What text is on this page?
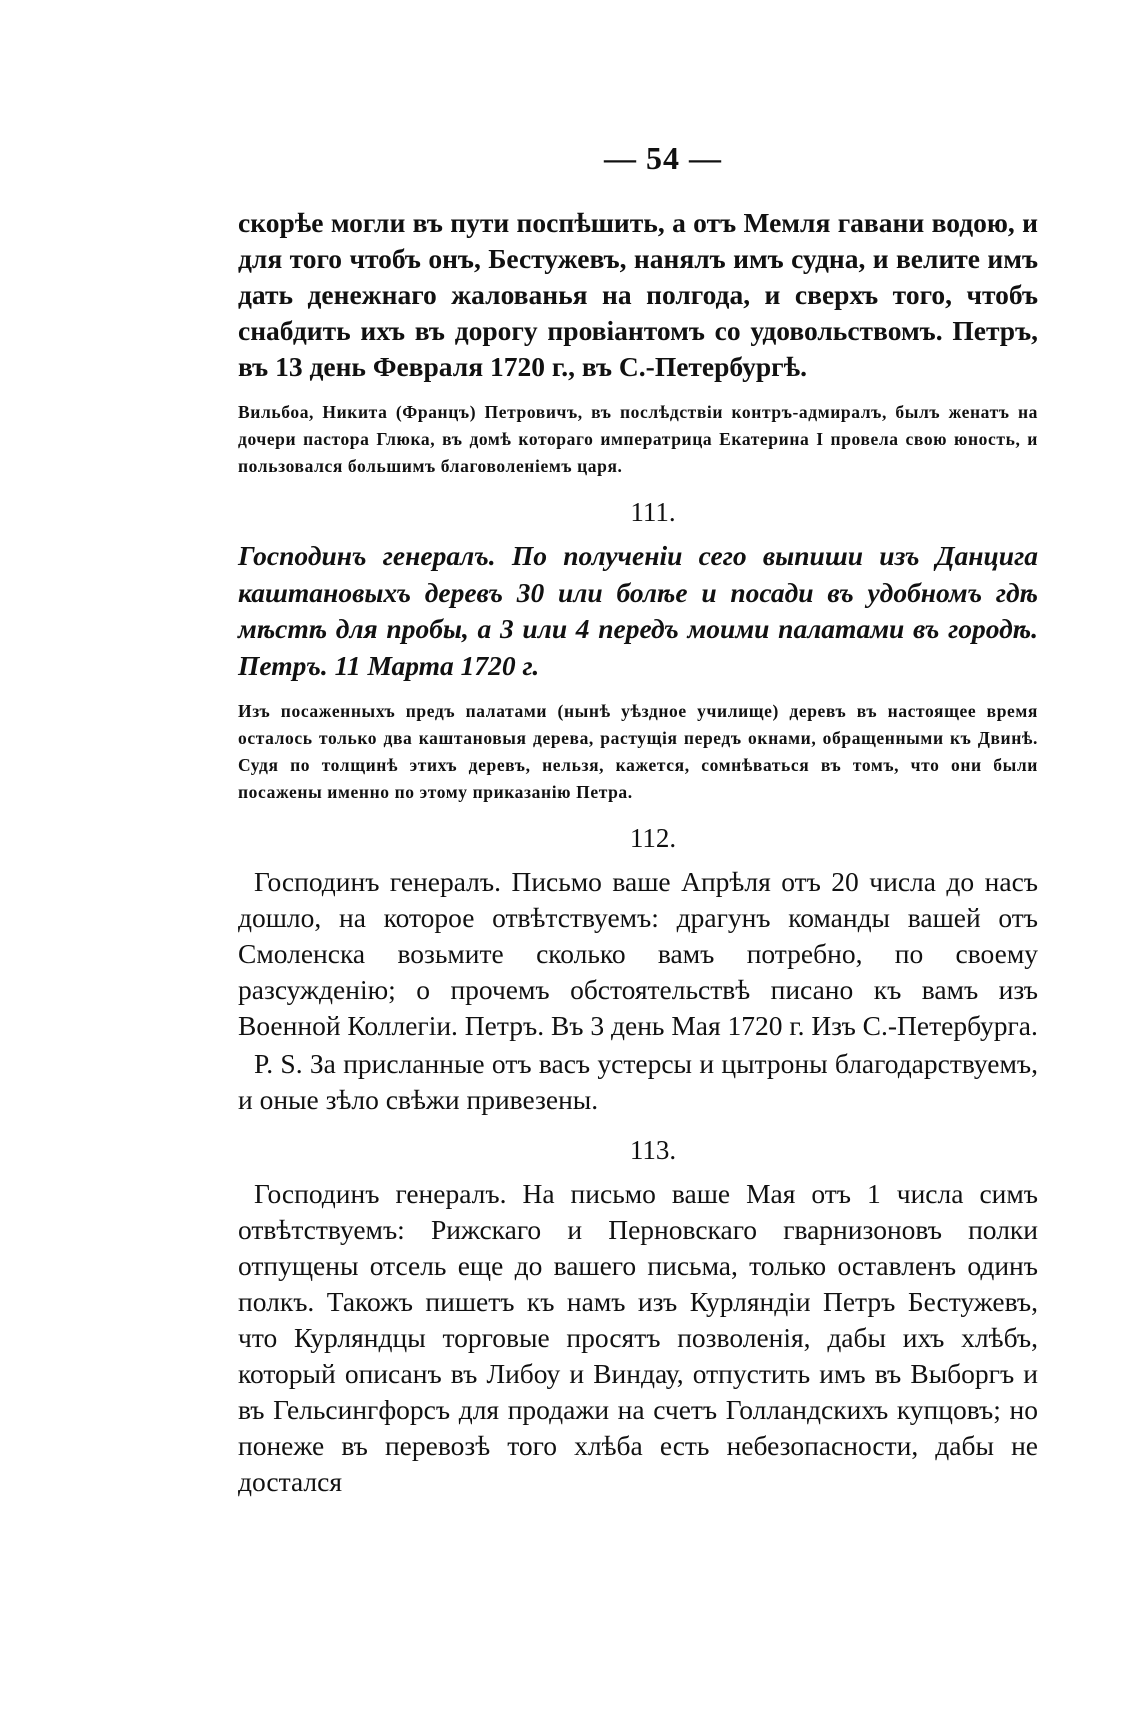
— 54 —

скорѣе могли въ пути поспѣшить, а отъ Мемля гавани водою, и для того чтобъ онъ, Бестужевъ, нанялъ имъ судна, и велите имъ дать денежнаго жалованья на полгода, и сверхъ того, чтобъ снабдить ихъ въ дорогу провіантомъ со удовольствомъ. Петръ, въ 13 день Февраля 1720 г., въ С.-Петербургѣ.

Вильбоа, Никита (Францъ) Петровичъ, въ послѣдствіи контръ-адмиралъ, былъ женатъ на дочери пастора Глюка, въ домѣ котораго императрица Екатерина I провела свою юность, и пользовался большимъ благоволеніемъ царя.

111.

Господинъ генералъ. По полученіи сего выпиши изъ Данцига каштановыхъ деревъ 30 или болѣе и посади въ удобномъ гдѣ мѣстѣ для пробы, а 3 или 4 передъ моими палатами въ городѣ. Петръ. 11 Марта 1720 г.

Изъ посаженныхъ предъ палатами (нынѣ уѣздное училище) деревъ въ настоящее время осталось только два каштановыя дерева, растущія передъ окнами, обращенными къ Двинѣ. Судя по толщинѣ этихъ деревъ, нельзя, кажется, сомнѣваться въ томъ, что они были посажены именно по этому приказанію Петра.

112.

Господинъ генералъ. Письмо ваше Апрѣля отъ 20 числа до насъ дошло, на которое отвѣтствуемъ: драгунъ команды вашей отъ Смоленска возьмите сколько вамъ потребно, по своему разсужденію; о прочемъ обстоятельствѣ писано къ вамъ изъ Военной Коллегіи. Петръ. Въ 3 день Мая 1720 г. Изъ С.-Петербурга.

P. S. За присланные отъ васъ устерсы и цытроны благодарствуемъ, и оные зѣло свѣжи привезены.

113.

Господинъ генералъ. На письмо ваше Мая отъ 1 числа симъ отвѣтствуемъ: Рижскаго и Перновскаго гварнизоновъ полки отпущены отсель еще до вашего письма, только оставленъ одинъ полкъ. Такожъ пишетъ къ намъ изъ Курляндіи Петръ Бестужевъ, что Курляндцы торговые просятъ позволенія, дабы ихъ хлѣбъ, который описанъ въ Либоу и Виндау, отпустить имъ въ Выборгъ и въ Гельсингфорсъ для продажи на счетъ Голландскихъ купцовъ; но понеже въ перевозѣ того хлѣба есть небезопасности, дабы не достался
